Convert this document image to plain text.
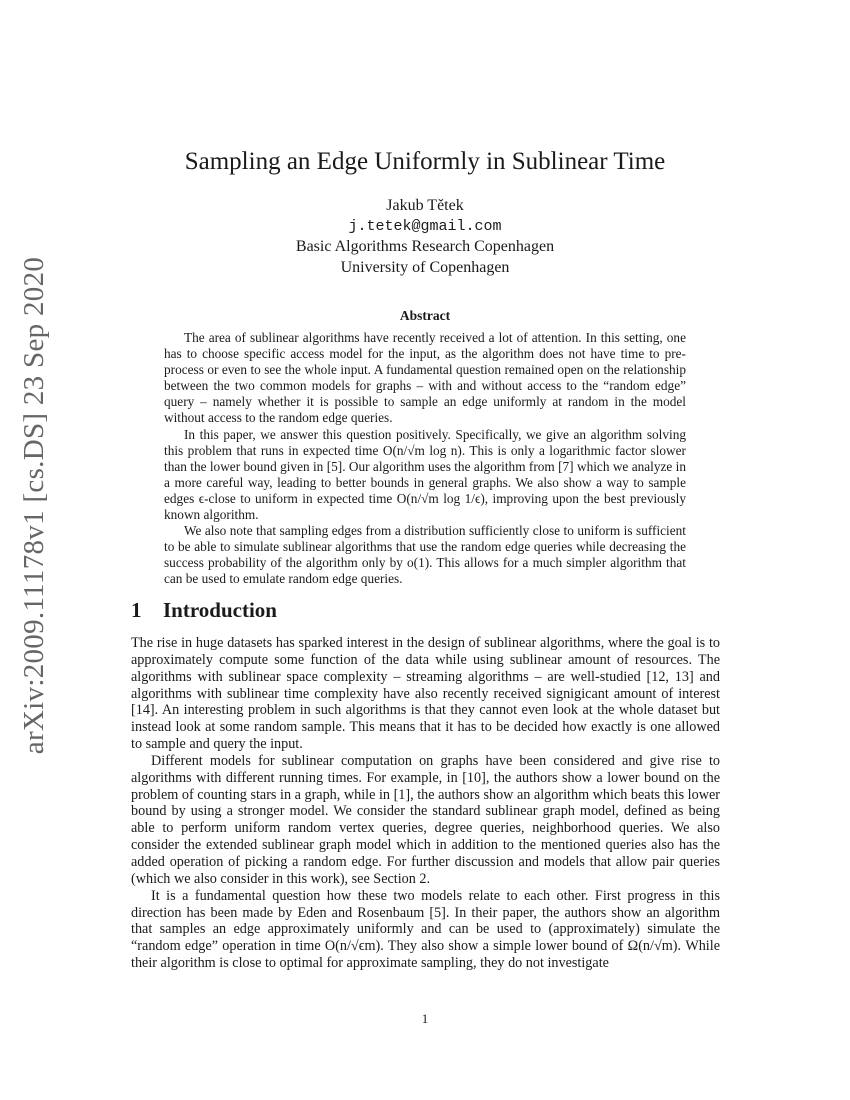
arXiv:2009.11178v1 [cs.DS] 23 Sep 2020
Sampling an Edge Uniformly in Sublinear Time
Jakub Tětek
j.tetek@gmail.com
Basic Algorithms Research Copenhagen
University of Copenhagen
Abstract

The area of sublinear algorithms have recently received a lot of attention. In this setting, one has to choose specific access model for the input, as the algorithm does not have time to pre-process or even to see the whole input. A fundamental question remained open on the relationship between the two common models for graphs – with and without access to the “random edge” query – namely whether it is possible to sample an edge uniformly at random in the model without access to the random edge queries.

In this paper, we answer this question positively. Specifically, we give an algorithm solving this problem that runs in expected time O(n/√m log n). This is only a logarithmic factor slower than the lower bound given in [5]. Our algorithm uses the algorithm from [7] which we analyze in a more careful way, leading to better bounds in general graphs. We also show a way to sample edges ϵ-close to uniform in expected time O(n/√m log 1/ϵ), improving upon the best previously known algorithm.

We also note that sampling edges from a distribution sufficiently close to uniform is sufficient to be able to simulate sublinear algorithms that use the random edge queries while decreasing the success probability of the algorithm only by o(1). This allows for a much simpler algorithm that can be used to emulate random edge queries.

1 Introduction

The rise in huge datasets has sparked interest in the design of sublinear algorithms, where the goal is to approximately compute some function of the data while using sublinear amount of resources. The algorithms with sublinear space complexity – streaming algorithms – are well-studied [12, 13] and algorithms with sublinear time complexity have also recently received signigicant amount of interest [14]. An interesting problem in such algorithms is that they cannot even look at the whole dataset but instead look at some random sample. This means that it has to be decided how exactly is one allowed to sample and query the input.

Different models for sublinear computation on graphs have been considered and give rise to algorithms with different running times. For example, in [10], the authors show a lower bound on the problem of counting stars in a graph, while in [1], the authors show an algorithm which beats this lower bound by using a stronger model. We consider the standard sublinear graph model, defined as being able to perform uniform random vertex queries, degree queries, neighborhood queries. We also consider the extended sublinear graph model which in addition to the mentioned queries also has the added operation of picking a random edge. For further discussion and models that allow pair queries (which we also consider in this work), see Section 2.

It is a fundamental question how these two models relate to each other. First progress in this direction has been made by Eden and Rosenbaum [5]. In their paper, the authors show an algorithm that samples an edge approximately uniformly and can be used to (approximately) simulate the “random edge” operation in time O(n/√ϵm). They also show a simple lower bound of Ω(n/√m). While their algorithm is close to optimal for approximate sampling, they do not investigate

1
